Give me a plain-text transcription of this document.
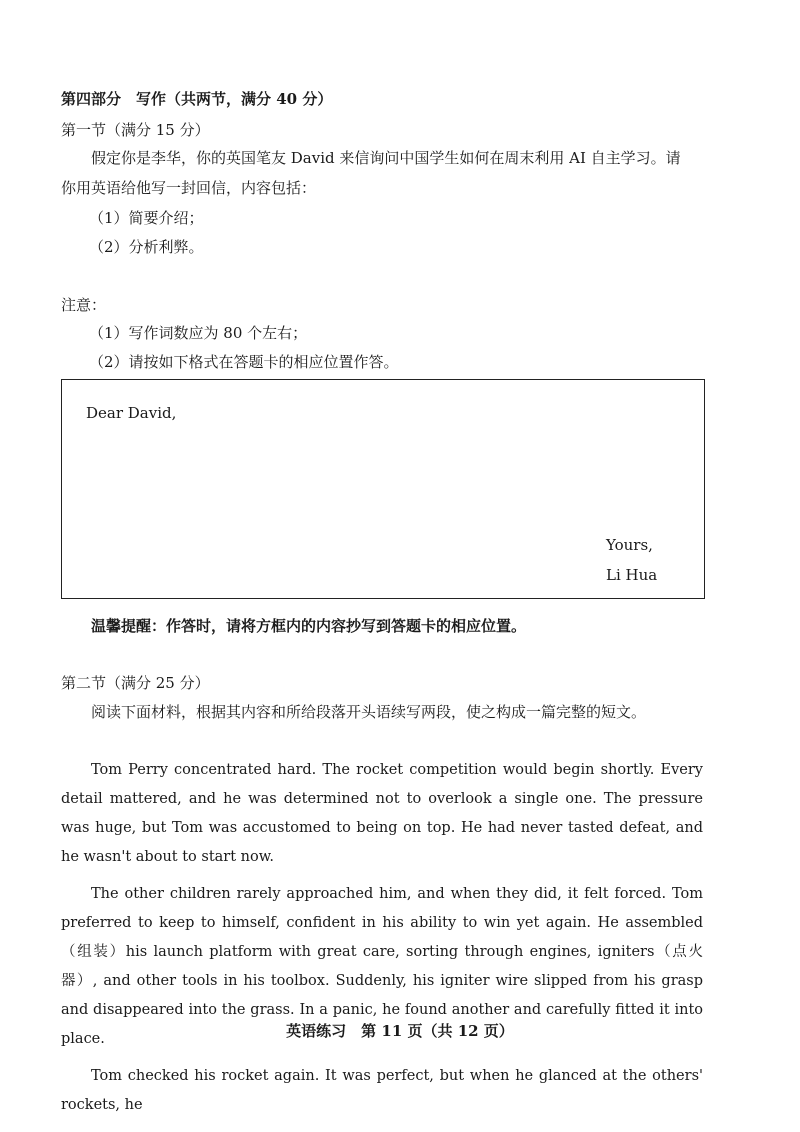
第四部分　写作（共两节，满分 40 分）
第一节（满分 15 分）
假定你是李华，你的英国笔友 David 来信询问中国学生如何在周末利用 AI 自主学习。请
你用英语给他写一封回信，内容包括：
（1）简要介绍；
（2）分析利弊。
注意：
（1）写作词数应为 80 个左右；
（2）请按如下格式在答题卡的相应位置作答。
Dear David,
Yours,
Li Hua
温馨提醒：作答时，请将方框内的内容抄写到答题卡的相应位置。
第二节（满分 25 分）
阅读下面材料，根据其内容和所给段落开头语续写两段，使之构成一篇完整的短文。

Tom Perry concentrated hard. The rocket competition would begin shortly. Every detail mattered, and he was determined not to overlook a single one. The pressure was huge, but Tom was accustomed to being on top. He had never tasted defeat, and he wasn't about to start now.

The other children rarely approached him, and when they did, it felt forced. Tom preferred to keep to himself, confident in his ability to win yet again. He assembled（组装）his launch platform with great care, sorting through engines, igniters（点火器）, and other tools in his toolbox. Suddenly, his igniter wire slipped from his grasp and disappeared into the grass. In a panic, he found another and carefully fitted it into place.

Tom checked his rocket again. It was perfect, but when he glanced at the others' rockets, he

英语练习　第 11 页（共 12 页）
